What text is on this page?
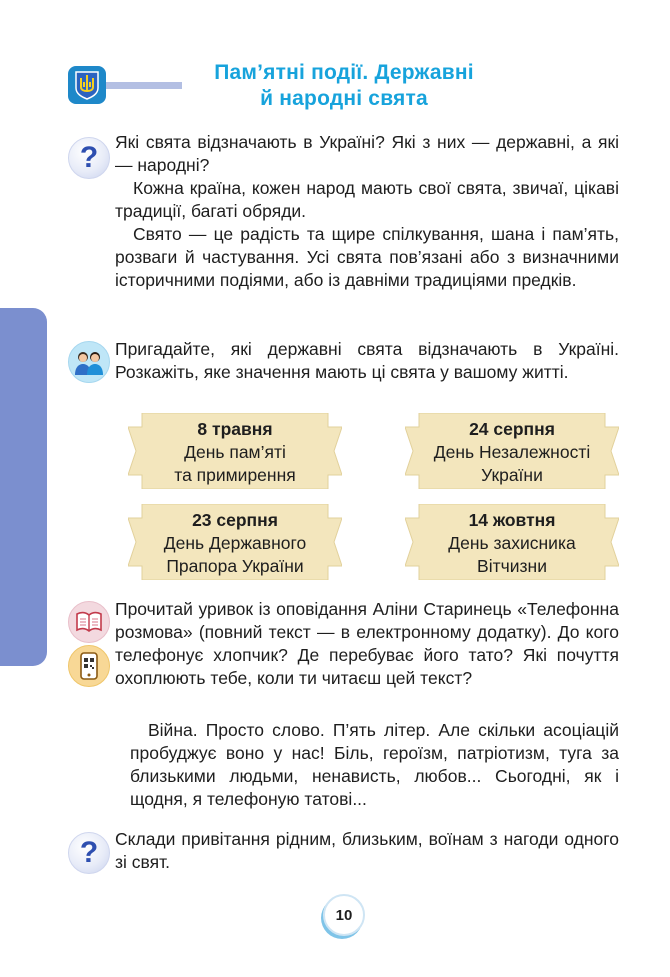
Пам’ятні події. Державні
й народні свята
? Які свята відзначають в Україні? Які з них — державні, а які — народні?

Кожна країна, кожен народ мають свої свята, звичаї, цікаві традиції, багаті обряди.

Свято — це радість та щире спілкування, шана і пам’ять, розваги й частування. Усі свята пов’язані або з визначними історичними подіями, або із давніми традиціями предків.

Пригадайте, які державні свята відзначають в Україні. Розкажіть, яке значення мають ці свята у вашому житті.

8 травня
День пам’яті
та примирення
24 серпня
День Незалежності
України
23 серпня
День Державного
Прапора України
14 жовтня
День захисника
Вітчизни

Прочитай уривок із оповідання Аліни Старинець «Телефонна розмова» (повний текст — в електронному додатку). До кого телефонує хлопчик? Де перебуває його тато? Які почуття охоплюють тебе, коли ти читаєш цей текст?

Війна. Просто слово. П’ять літер. Але скільки асоціацій пробуджує воно у нас! Біль, героїзм, патріотизм, туга за близькими людьми, ненависть, любов... Сьогодні, як і щодня, я телефоную татові...

? Склади привітання рідним, близьким, воїнам з нагоди одного зі свят.

10
